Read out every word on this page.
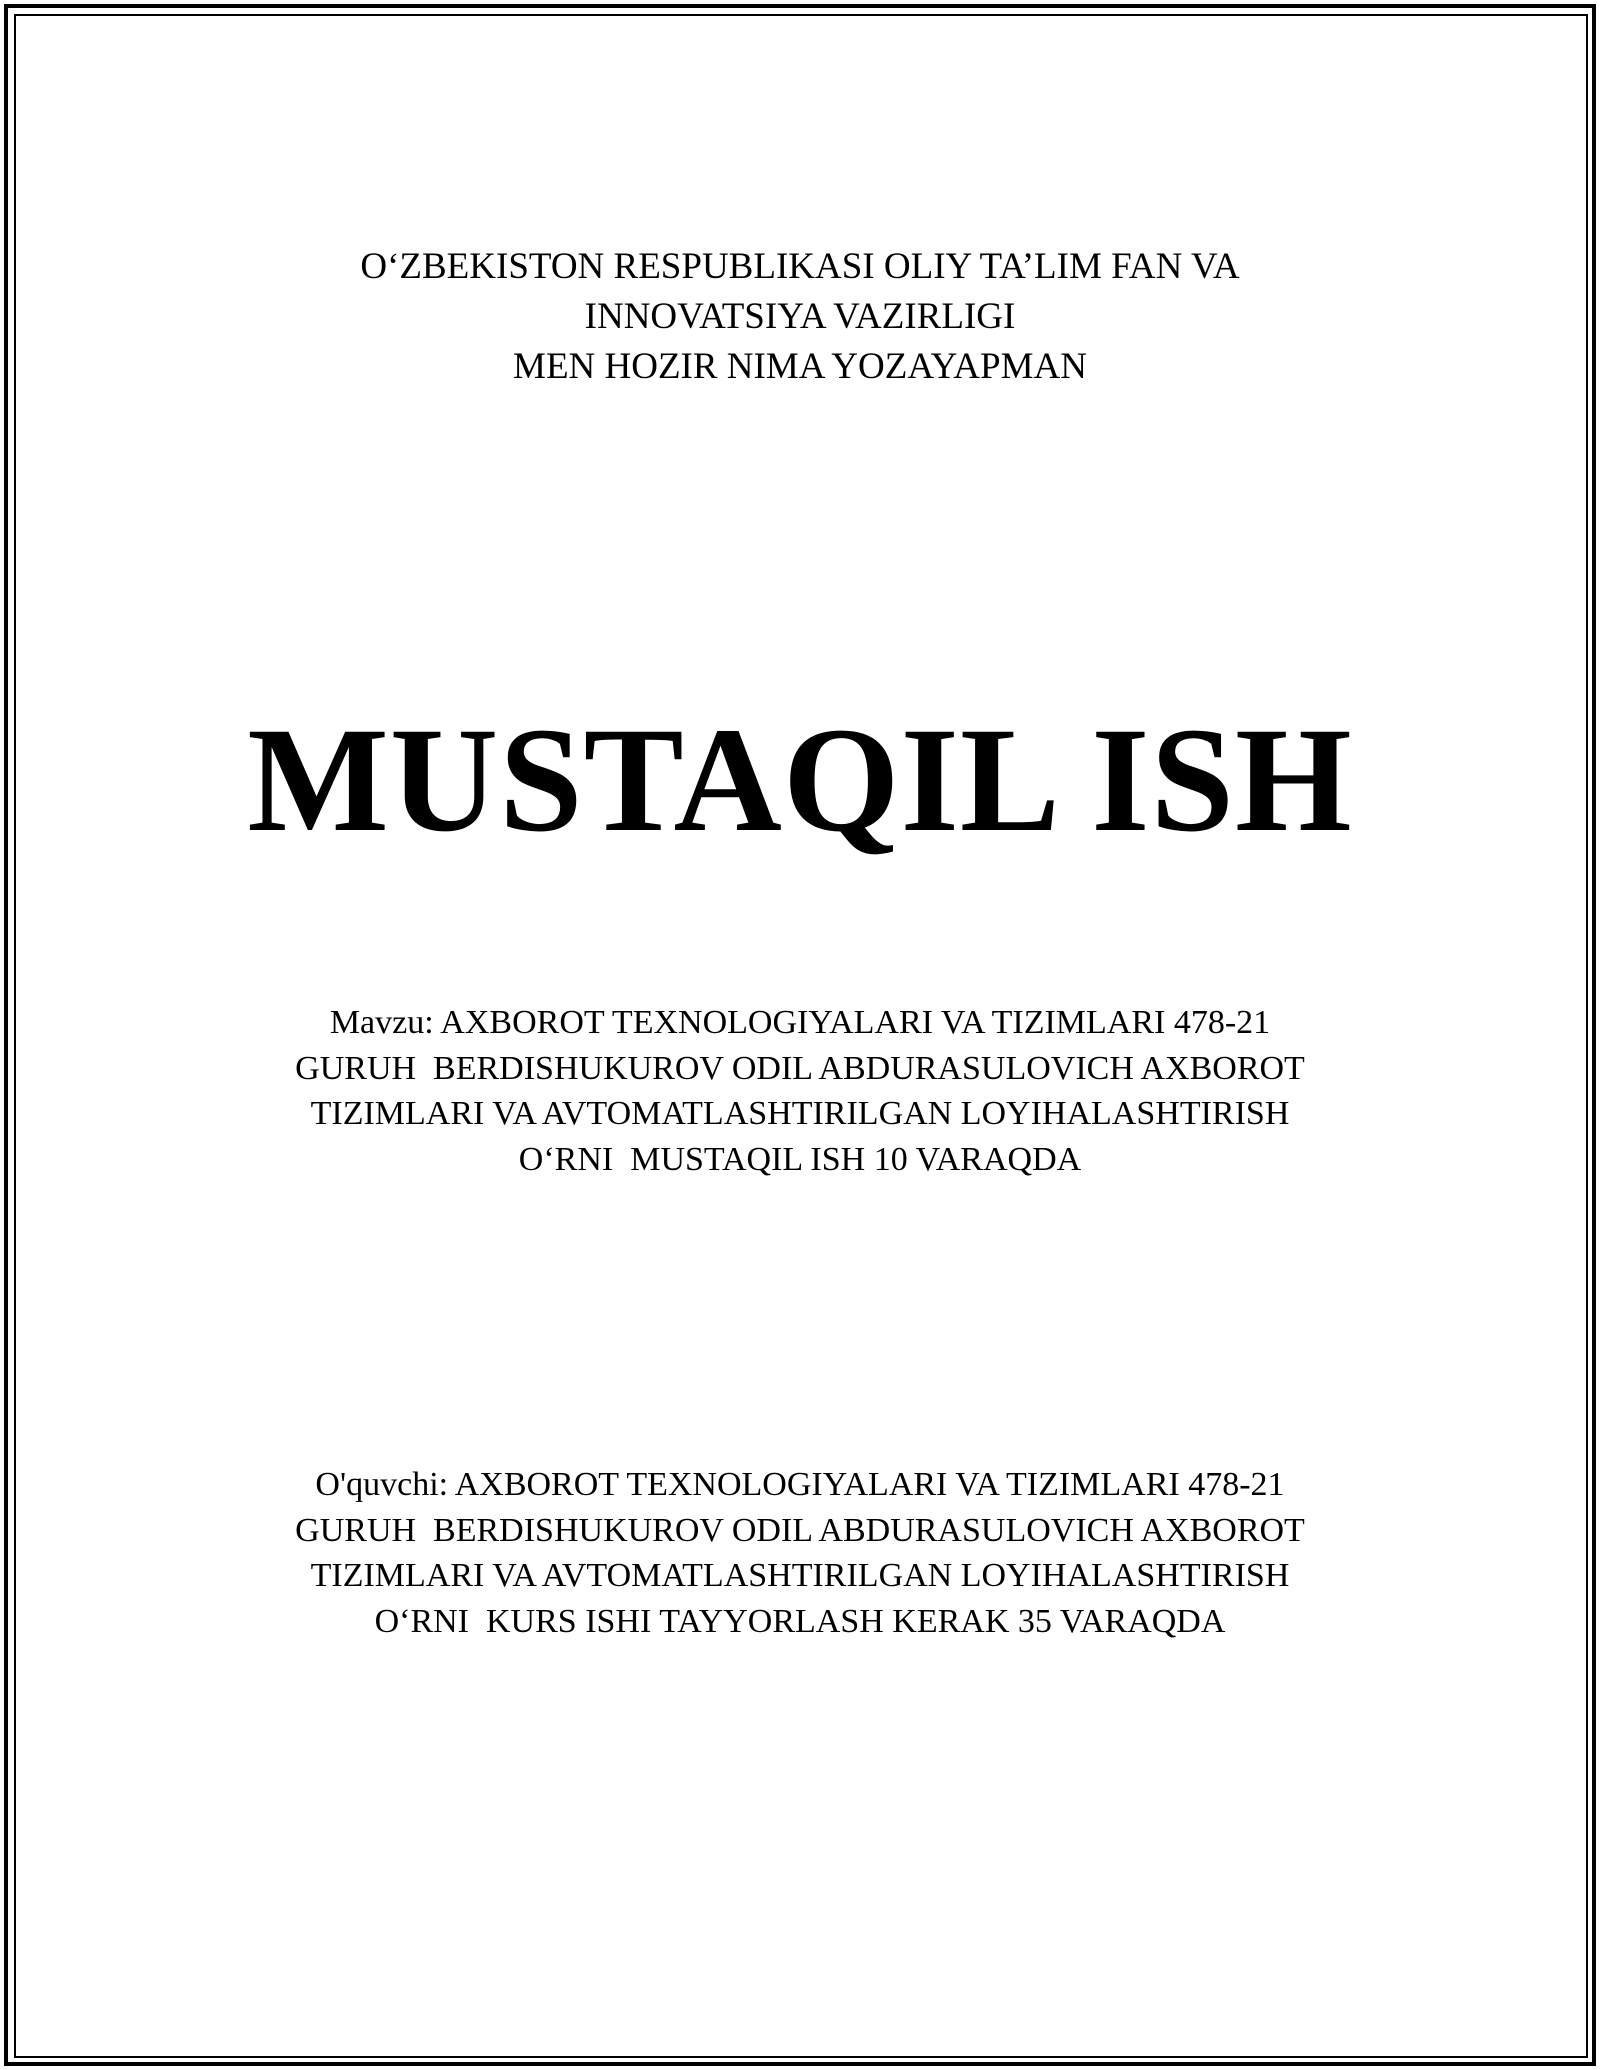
O‘ZBEKISTON RESPUBLIKASI OLIY TA’LIM FAN VA
INNOVATSIYA VAZIRLIGI
MEN HOZIR NIMA YOZAYAPMAN
MUSTAQIL ISH
Mavzu: AXBOROT TEXNOLOGIYALARI VA TIZIMLARI 478-21
GURUH  BERDISHUKUROV ODIL ABDURASULOVICH AXBOROT
TIZIMLARI VA AVTOMATLASHTIRILGAN LOYIHALASHTIRISH
O‘RNI  MUSTAQIL ISH 10 VARAQDA
O'quvchi: AXBOROT TEXNOLOGIYALARI VA TIZIMLARI 478-21
GURUH  BERDISHUKUROV ODIL ABDURASULOVICH AXBOROT
TIZIMLARI VA AVTOMATLASHTIRILGAN LOYIHALASHTIRISH
O‘RNI  KURS ISHI TAYYORLASH KERAK 35 VARAQDA
